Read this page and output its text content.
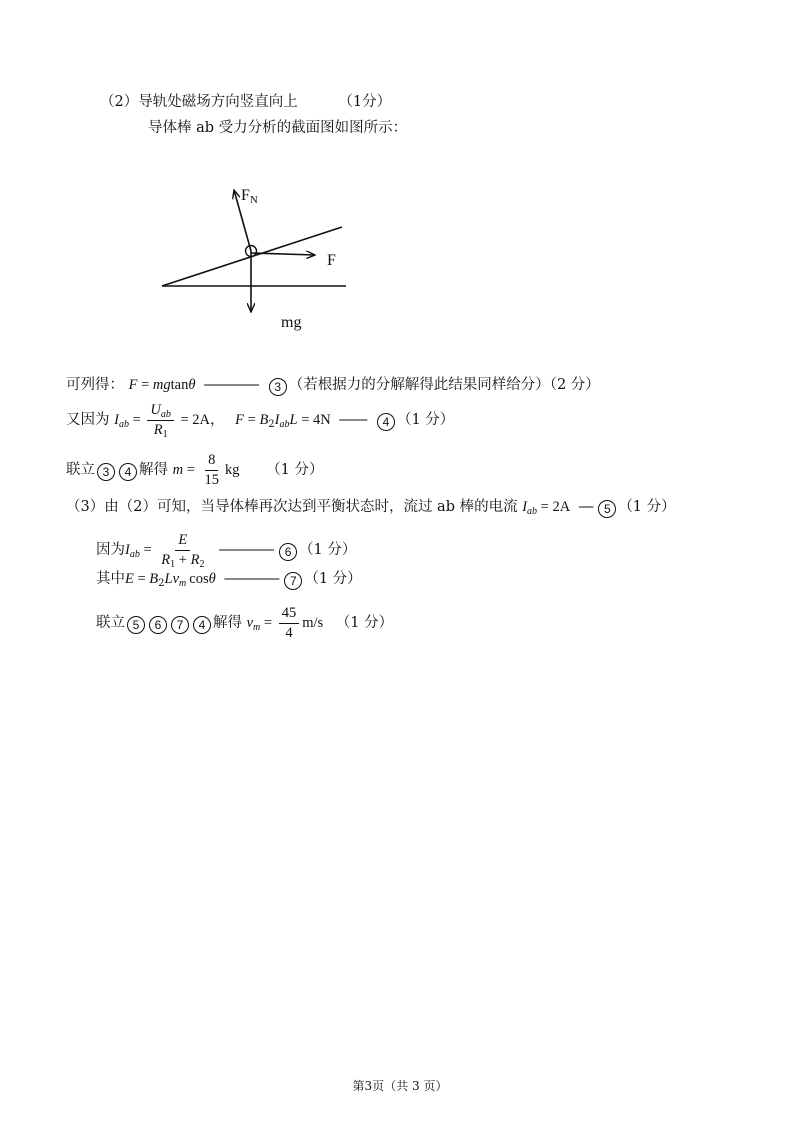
（2）导轨处磁场方向竖直向上	（1分）
导体棒 ab 受力分析的截面图如图所示：
FN
F
mg
可列得： F = mgtanθ ———— 3 （若根据力的分解解得此结果同样给分）（2 分）
又因为 $I_{ab} = \frac{U_{ab}}{R_1} = 2A$， $F = B_2I_{ab}L = 4N$ —— 4 （1 分）
联立 3 4 解得 $m = \frac{8}{15}$ kg （1 分）
（3）由（2）可知，当导体棒再次达到平衡状态时，流过 ab 棒的电流 $I_{ab} = 2A$ — 5 （1 分）
因为$I_{ab} = \frac{E}{R_1 + R_2}$ ———— 6 （1 分）
其中$E = B_2Lv_m$ cosθ ———— 7 （1 分）
联立 5 6 7 4 解得 $v_m = \frac{45}{4} m/s$ （1 分）
第3页（共 3 页）
